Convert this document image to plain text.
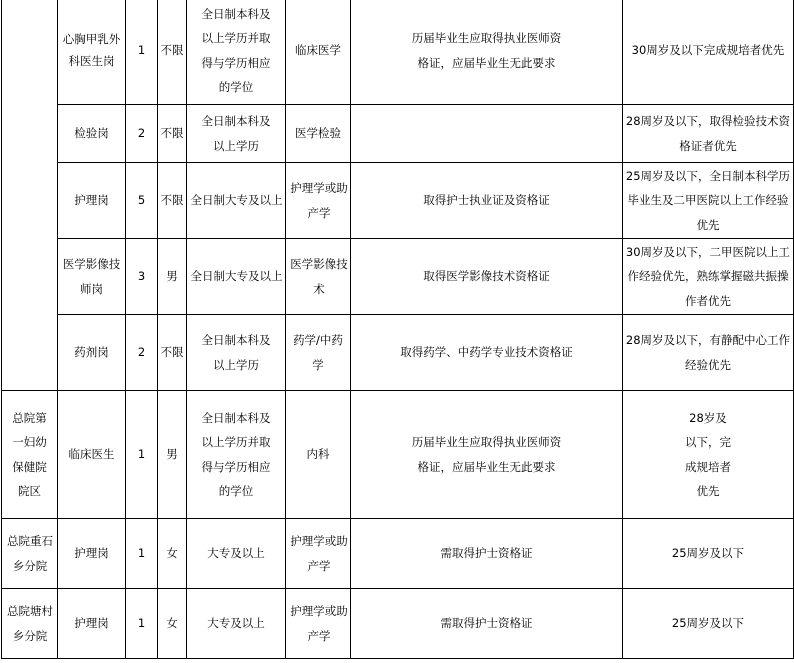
	心胸甲乳外科医生岗	1	不限	全日制本科及以上学历并取得与学历相应的学位	临床医学	历届毕业生应取得执业医师资格证，应届毕业生无此要求	30周岁及以下完成规培者优先
	检验岗	2	不限	全日制本科及以上学历	医学检验		28周岁及以下，取得检验技术资格证者优先
	护理岗	5	不限	全日制大专及以上	护理学或助产学	取得护士执业证及资格证	25周岁及以下，全日制本科学历毕业生及二甲医院以上工作经验优先
	医学影像技师岗	3	男	全日制大专及以上	医学影像技术	取得医学影像技术资格证	30周岁及以下，二甲医院以上工作经验优先，熟练掌握磁共振操作者优先
	药剂岗	2	不限	全日制本科及以上学历	药学/中药学	取得药学、中药学专业技术资格证	28周岁及以下，有静配中心工作经验优先
总院第一妇幼保健院院区	临床医生	1	男	全日制本科及以上学历并取得与学历相应的学位	内科	历届毕业生应取得执业医师资格证，应届毕业生无此要求	28岁及以下，完成规培者优先
总院重石乡分院	护理岗	1	女	大专及以上	护理学或助产学	需取得护士资格证	25周岁及以下
总院塘村乡分院	护理岗	1	女	大专及以上	护理学或助产学	需取得护士资格证	25周岁及以下
